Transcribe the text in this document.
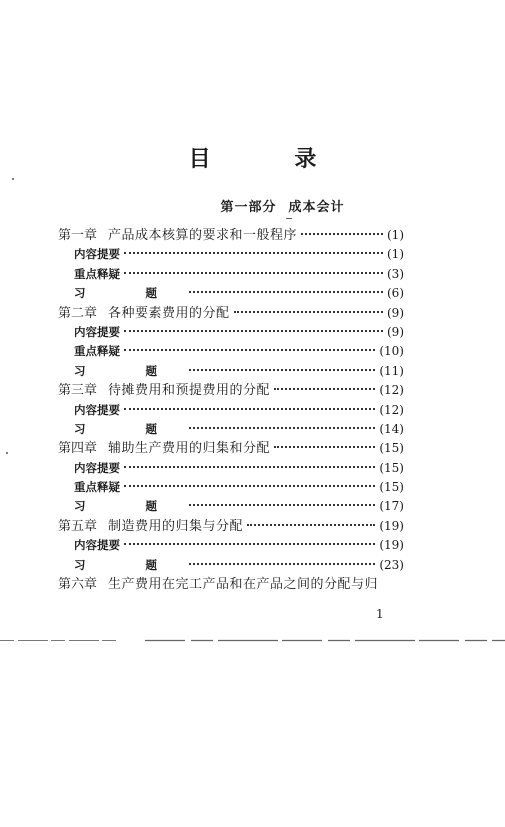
目 录
第一部分 成本会计
第一章 产品成本核算的要求和一般程序	(1)
内容提要	(1)
重点释疑	(3)
习 题	(6)
第二章 各种要素费用的分配	(9)
内容提要	(9)
重点释疑	(10)
习 题	(11)
第三章 待摊费用和预提费用的分配	(12)
内容提要	(12)
习 题	(14)
第四章 辅助生产费用的归集和分配	(15)
内容提要	(15)
重点释疑	(15)
习 题	(17)
第五章 制造费用的归集与分配	(19)
内容提要	(19)
习 题	(23)
第六章 生产费用在完工产品和在产品之间的分配与归
1
